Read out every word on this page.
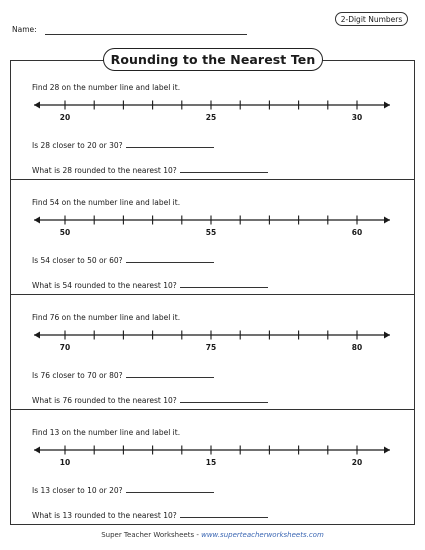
Name:
2-Digit Numbers
Rounding to the Nearest Ten
Find 28 on the number line and label it.
20	25	30
Is 28 closer to 20 or 30?
What is 28 rounded to the nearest 10?
Find 54 on the number line and label it.
50	55	60
Is 54 closer to 50 or 60?
What is 54 rounded to the nearest 10?
Find 76 on the number line and label it.
70	75	80
Is 76 closer to 70 or 80?
What is 76 rounded to the nearest 10?
Find 13 on the number line and label it.
10	15	20
Is 13 closer to 10 or 20?
What is 13 rounded to the nearest 10?
Super Teacher Worksheets - www.superteacherworksheets.com
